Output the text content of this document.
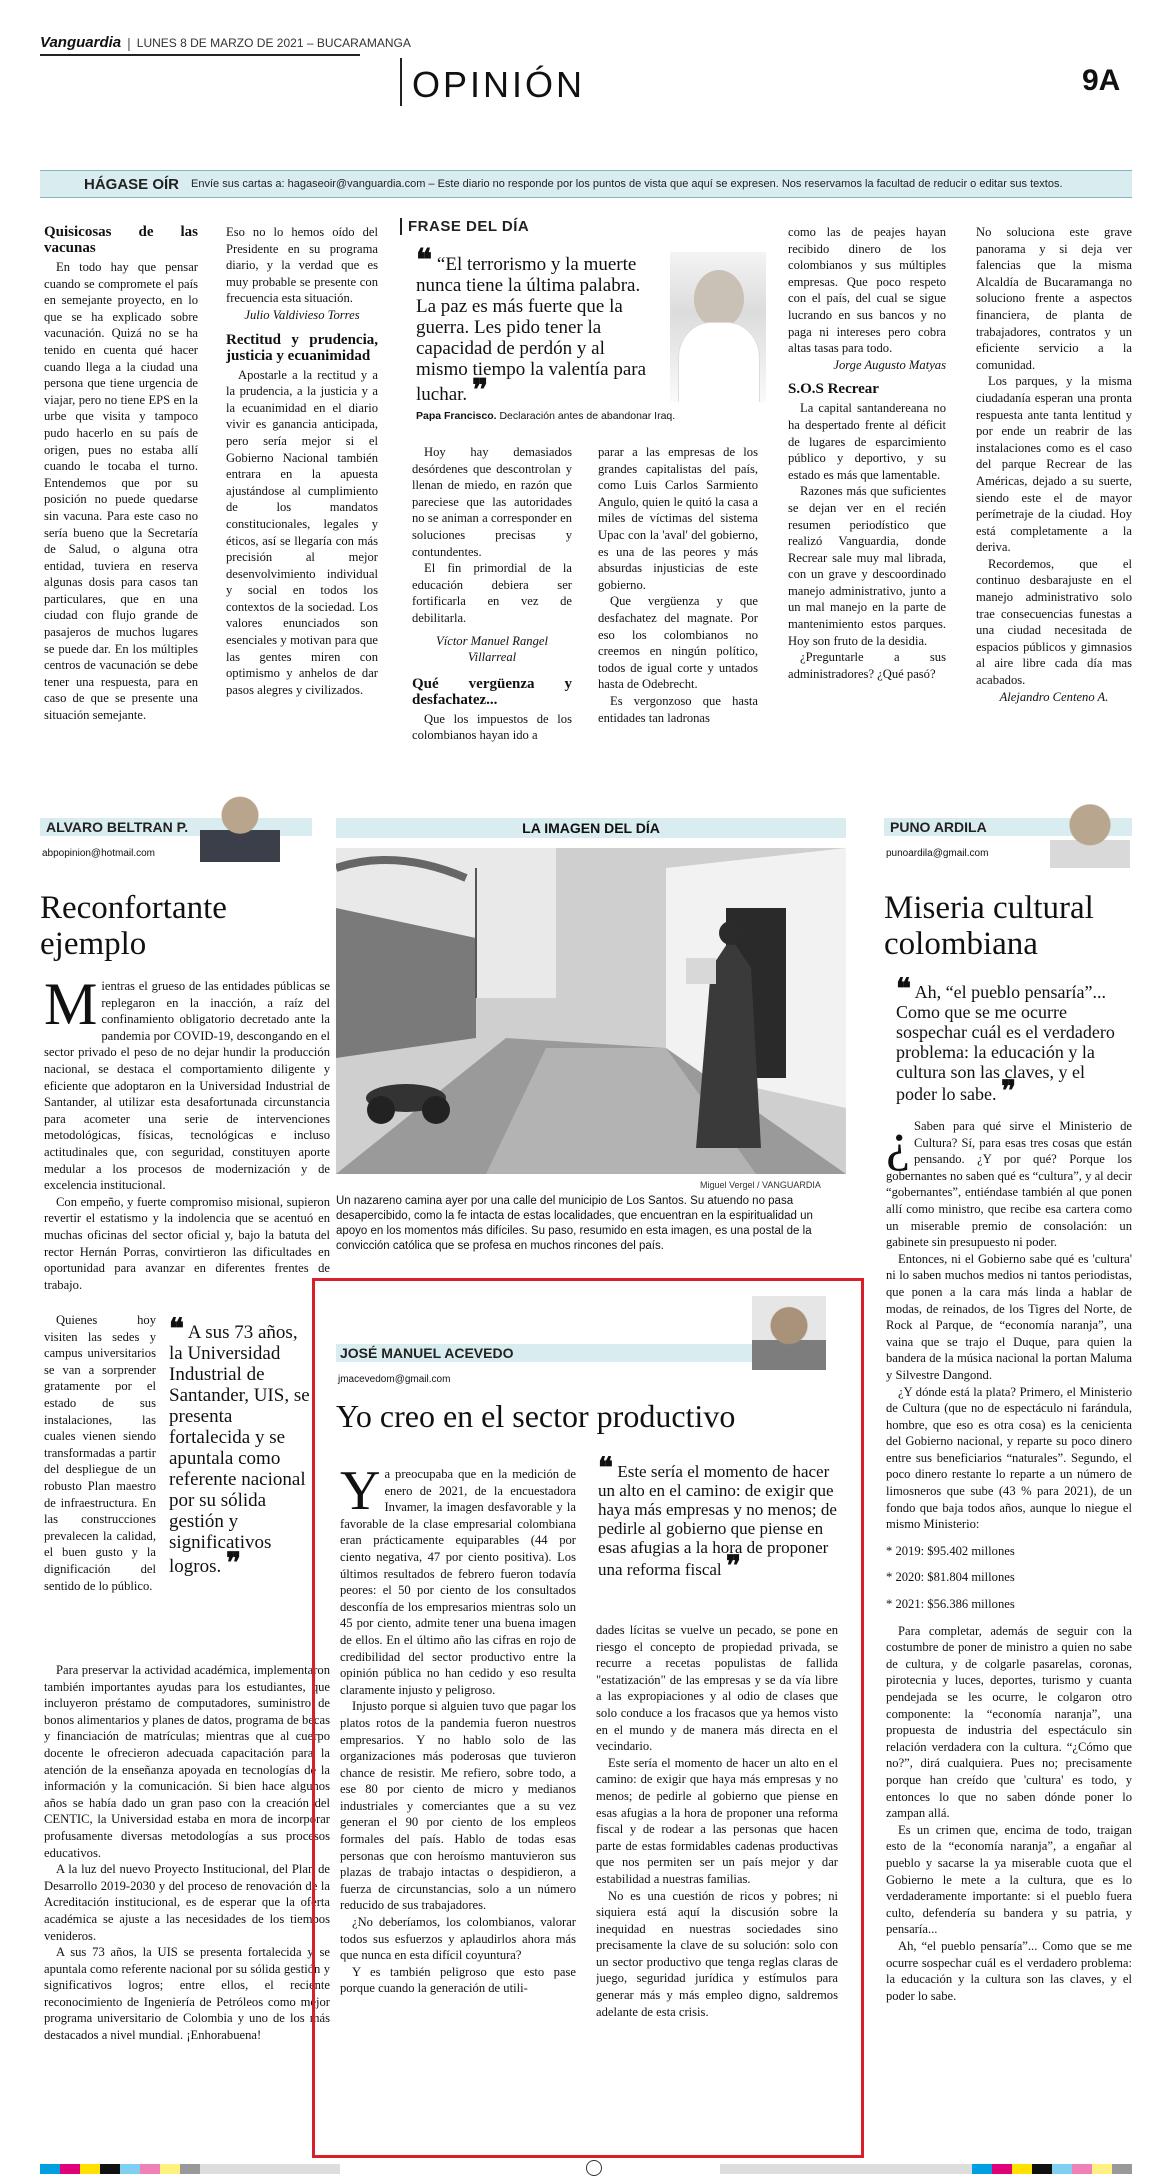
Vanguardia | LUNES 8 DE MARZO DE 2021 – BUCARAMANGA
OPINIÓN	9A
HÁGASE OÍR Envíe sus cartas a: hagaseoir@vanguardia.com – Este diario no responde por los puntos de vista que aquí se expresen. Nos reservamos la facultad de reducir o editar sus textos.
Quisicosas de las vacunas

En todo hay que pensar cuando se compromete el país en semejante proyecto, en lo que se ha explicado sobre vacunación. Quizá no se ha tenido en cuenta qué hacer cuando llega a la ciudad una persona que tiene urgencia de viajar, pero no tiene EPS en la urbe que visita y tampoco pudo hacerlo en su país de origen, pues no estaba allí cuando le tocaba el turno. Entendemos que por su posición no puede quedarse sin vacuna. Para este caso no sería bueno que la Secretaría de Salud, o alguna otra entidad, tuviera en reserva algunas dosis para casos tan particulares, que en una ciudad con flujo grande de pasajeros de muchos lugares se puede dar. En los múltiples centros de vacunación se debe tener una respuesta, para en caso de que se presente una situación semejante.

Eso no lo hemos oído del Presidente en su programa diario, y la verdad que es muy probable se presente con frecuencia esta situación.

Julio Valdivieso Torres

Rectitud y prudencia, justicia y ecuanimidad

Apostarle a la rectitud y a la prudencia, a la justicia y a la ecuanimidad en el diario vivir es ganancia anticipada, pero sería mejor si el Gobierno Nacional también entrara en la apuesta ajustándose al cumplimiento de los mandatos constitucionales, legales y éticos, así se llegaría con más precisión al mejor desenvolvimiento individual y social en todos los contextos de la sociedad. Los valores enunciados son esenciales y motivan para que las gentes miren con optimismo y anhelos de dar pasos alegres y civilizados.

FRASE DEL DÍA
❝ “El terrorismo y la muerte nunca tiene la última palabra. La paz es más fuerte que la guerra. Les pido tener la capacidad de perdón y al mismo tiempo la valentía para luchar. ❞
Papa Francisco. Declaración antes de abandonar Iraq.

Hoy hay demasiados desórdenes que descontrolan y llenan de miedo, en razón que pareciese que las autoridades no se animan a corresponder en soluciones precisas y contundentes.

El fin primordial de la educación debiera ser fortificarla en vez de debilitarla.

Víctor Manuel Rangel Villarreal

Qué vergüenza y desfachatez...

Que los impuestos de los colombianos hayan ido a

parar a las empresas de los grandes capitalistas del país, como Luis Carlos Sarmiento Angulo, quien le quitó la casa a miles de víctimas del sistema Upac con la 'aval' del gobierno, es una de las peores y más absurdas injusticias de este gobierno.

Que vergüenza y que desfachatez del magnate. Por eso los colombianos no creemos en ningún político, todos de igual corte y untados hasta de Odebrecht.

Es vergonzoso que hasta entidades tan ladronas

como las de peajes hayan recibido dinero de los colombianos y sus múltiples empresas. Que poco respeto con el país, del cual se sigue lucrando en sus bancos y no paga ni intereses pero cobra altas tasas para todo.

Jorge Augusto Matyas

S.O.S Recrear

La capital santandereana no ha despertado frente al déficit de lugares de esparcimiento público y deportivo, y su estado es más que lamentable.

Razones más que suficientes se dejan ver en el recién resumen periodístico que realizó Vanguardia, donde Recrear sale muy mal librada, con un grave y descoordinado manejo administrativo, junto a un mal manejo en la parte de mantenimiento estos parques. Hoy son fruto de la desidia.

¿Preguntarle a sus administradores? ¿Qué pasó?

No soluciona este grave panorama y si deja ver falencias que la misma Alcaldía de Bucaramanga no soluciono frente a aspectos financiera, de planta de trabajadores, contratos y un eficiente servicio a la comunidad.

Los parques, y la misma ciudadanía esperan una pronta respuesta ante tanta lentitud y por ende un reabrir de las instalaciones como es el caso del parque Recrear de las Américas, dejado a su suerte, siendo este el de mayor perímetraje de la ciudad. Hoy está completamente a la deriva.

Recordemos, que el continuo desbarajuste en el manejo administrativo solo trae consecuencias funestas a una ciudad necesitada de espacios públicos y gimnasios al aire libre cada día mas acabados.

Alejandro Centeno A.

ALVARO BELTRAN P.
abpopinion@hotmail.com
Reconfortante ejemplo

Mientras el grueso de las entidades públicas se replegaron en la inacción, a raíz del confinamiento obligatorio decretado ante la pandemia por COVID-19, descongando en el sector privado el peso de no dejar hundir la producción nacional, se destaca el comportamiento diligente y eficiente que adoptaron en la Universidad Industrial de Santander, al utilizar esta desafortunada circunstancia para acometer una serie de intervenciones metodológicas, físicas, tecnológicas e incluso actitudinales que, con seguridad, constituyen aporte medular a los procesos de modernización y de excelencia institucional.

Con empeño, y fuerte compromiso misional, supieron revertir el estatismo y la indolencia que se acentuó en muchas oficinas del sector oficial y, bajo la batuta del rector Hernán Porras, convirtieron las dificultades en oportunidad para avanzar en diferentes frentes de trabajo.

❝ A sus 73 años, la Universidad Industrial de Santander, UIS, se presenta fortalecida y se apuntala como referente nacional por su sólida gestión y significativos logros. ❞

Quienes hoy visiten las sedes y campus universitarios se van a sorprender gratamente por el estado de sus instalaciones, las cuales vienen siendo transformadas a partir del despliegue de un robusto Plan maestro de infraestructura. En las construcciones prevalecen la calidad, el buen gusto y la dignificación del sentido de lo público.

Para preservar la actividad académica, implementaron también importantes ayudas para los estudiantes, que incluyeron préstamo de computadores, suministro de bonos alimentarios y planes de datos, programa de becas y financiación de matrículas; mientras que al cuerpo docente le ofrecieron adecuada capacitación para la atención de la enseñanza apoyada en tecnologías de la información y la comunicación. Si bien hace algunos años se había dado un gran paso con la creación del CENTIC, la Universidad estaba en mora de incorporar profusamente diversas metodologías a sus procesos educativos.

A la luz del nuevo Proyecto Institucional, del Plan de Desarrollo 2019-2030 y del proceso de renovación de la Acreditación institucional, es de esperar que la oferta académica se ajuste a las necesidades de los tiempos venideros.

A sus 73 años, la UIS se presenta fortalecida y se apuntala como referente nacional por su sólida gestión y significativos logros; entre ellos, el reciente reconocimiento de Ingeniería de Petróleos como mejor programa universitario de Colombia y uno de los más destacados a nivel mundial. ¡Enhorabuena!

LA IMAGEN DEL DÍA
Miguel Vergel / VANGUARDIA
Un nazareno camina ayer por una calle del municipio de Los Santos. Su atuendo no pasa desapercibido, como la fe intacta de estas localidades, que encuentran en la espiritualidad un apoyo en los momentos más difíciles. Su paso, resumido en esta imagen, es una postal de la convicción católica que se profesa en muchos rincones del país.
JOSÉ MANUEL ACEVEDO
jmacevedom@gmail.com
Yo creo en el sector productivo

Ya preocupaba que en la medición de enero de 2021, de la encuestadora Invamer, la imagen desfavorable y la favorable de la clase empresarial colombiana eran prácticamente equiparables (44 por ciento negativa, 47 por ciento positiva). Los últimos resultados de febrero fueron todavía peores: el 50 por ciento de los consultados desconfía de los empresarios mientras solo un 45 por ciento, admite tener una buena imagen de ellos. En el último año las cifras en rojo de credibilidad del sector productivo entre la opinión pública no han cedido y eso resulta claramente injusto y peligroso.

Injusto porque si alguien tuvo que pagar los platos rotos de la pandemia fueron nuestros empresarios. Y no hablo solo de las organizaciones más poderosas que tuvieron chance de resistir. Me refiero, sobre todo, a ese 80 por ciento de micro y medianos industriales y comerciantes que a su vez generan el 90 por ciento de los empleos formales del país. Hablo de todas esas personas que con heroísmo mantuvieron sus plazas de trabajo intactas o despidieron, a fuerza de circunstancias, solo a un número reducido de sus trabajadores.

¿No deberíamos, los colombianos, valorar todos sus esfuerzos y aplaudirlos ahora más que nunca en esta difícil coyuntura?

Y es también peligroso que esto pase porque cuando la generación de utili-

❝ Este sería el momento de hacer un alto en el camino: de exigir que haya más empresas y no menos; de pedirle al gobierno que piense en esas afugias a la hora de proponer una reforma fiscal ❞

dades lícitas se vuelve un pecado, se pone en riesgo el concepto de propiedad privada, se recurre a recetas populistas de fallida "estatización" de las empresas y se da vía libre a las expropiaciones y al odio de clases que solo conduce a los fracasos que ya hemos visto en el mundo y de manera más directa en el vecindario.

Este sería el momento de hacer un alto en el camino: de exigir que haya más empresas y no menos; de pedirle al gobierno que piense en esas afugias a la hora de proponer una reforma fiscal y de rodear a las personas que hacen parte de estas formidables cadenas productivas que nos permiten ser un país mejor y dar estabilidad a nuestras familias.

No es una cuestión de ricos y pobres; ni siquiera está aquí la discusión sobre la inequidad en nuestras sociedades sino precisamente la clave de su solución: solo con un sector productivo que tenga reglas claras de juego, seguridad jurídica y estímulos para generar más y más empleo digno, saldremos adelante de esta crisis.

PUNO ARDILA
punoardila@gmail.com
Miseria cultural colombiana
❝ Ah, “el pueblo pensaría”... Como que se me ocurre sospechar cuál es el verdadero problema: la educación y la cultura son las claves, y el poder lo sabe. ❞

¿ Saben para qué sirve el Ministerio de Cultura? Sí, para esas tres cosas que están pensando. ¿Y por qué? Porque los gobernantes no saben qué es “cultura”, y al decir “gobernantes”, entiéndase también al que ponen allí como ministro, que recibe esa cartera como un miserable premio de consolación: un gabinete sin presupuesto ni poder.

Entonces, ni el Gobierno sabe qué es 'cultura' ni lo saben muchos medios ni tantos periodistas, que ponen a la cara más linda a hablar de modas, de reinados, de los Tigres del Norte, de Rock al Parque, de “economía naranja”, una vaina que se trajo el Duque, para quien la bandera de la música nacional la portan Maluma y Silvestre Dangond.

¿Y dónde está la plata? Primero, el Ministerio de Cultura (que no de espectáculo ni farándula, hombre, que eso es otra cosa) es la cenicienta del Gobierno nacional, y reparte su poco dinero entre sus beneficiarios “naturales”. Segundo, el poco dinero restante lo reparte a un número de limosneros que sube (43 % para 2021), de un fondo que baja todos años, aunque lo niegue el mismo Ministerio:

* 2019: $95.402 millones

* 2020: $81.804 millones

* 2021: $56.386 millones

Para completar, además de seguir con la costumbre de poner de ministro a quien no sabe de cultura, y de colgarle pasarelas, coronas, pirotecnia y luces, deportes, turismo y cuanta pendejada se les ocurre, le colgaron otro componente: la “economía naranja”, una propuesta de industria del espectáculo sin relación verdadera con la cultura. “¿Cómo que no?”, dirá cualquiera. Pues no; precisamente porque han creído que 'cultura' es todo, y entonces lo que no saben dónde poner lo zampan allá.

Es un crimen que, encima de todo, traigan esto de la “economía naranja”, a engañar al pueblo y sacarse la ya miserable cuota que el Gobierno le mete a la cultura, que es lo verdaderamente importante: si el pueblo fuera culto, defendería su bandera y su patria, y pensaría...

Ah, “el pueblo pensaría”... Como que se me ocurre sospechar cuál es el verdadero problema: la educación y la cultura son las claves, y el poder lo sabe.
